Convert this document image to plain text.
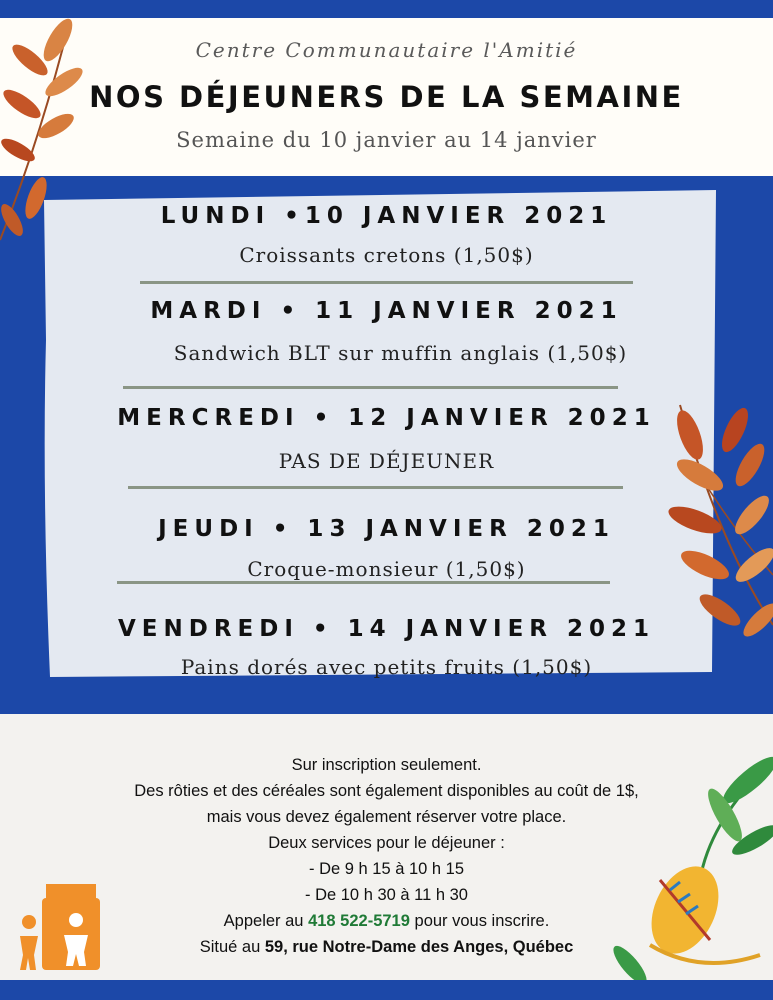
Centre Communautaire l'Amitié
NOS DÉJEUNERS DE LA SEMAINE
Semaine du 10 janvier au 14 janvier
LUNDI •10 JANVIER 2021
Croissants cretons (1,50$)
MARDI • 11 JANVIER 2021
Sandwich BLT sur muffin anglais (1,50$)
MERCREDI • 12 JANVIER 2021
PAS DE DÉJEUNER
JEUDI • 13 JANVIER 2021
Croque-monsieur (1,50$)
VENDREDI • 14 JANVIER 2021
Pains dorés avec petits fruits (1,50$)

Sur inscription seulement.

Des rôties et des céréales sont également disponibles au coût de 1$,

mais vous devez également réserver votre place.

Deux services pour le déjeuner :

- De 9 h 15 à 10 h 15

- De 10 h 30 à 11 h 30

Appeler au 418 522-5719 pour vous inscrire.

Situé au 59, rue Notre-Dame des Anges, Québec
